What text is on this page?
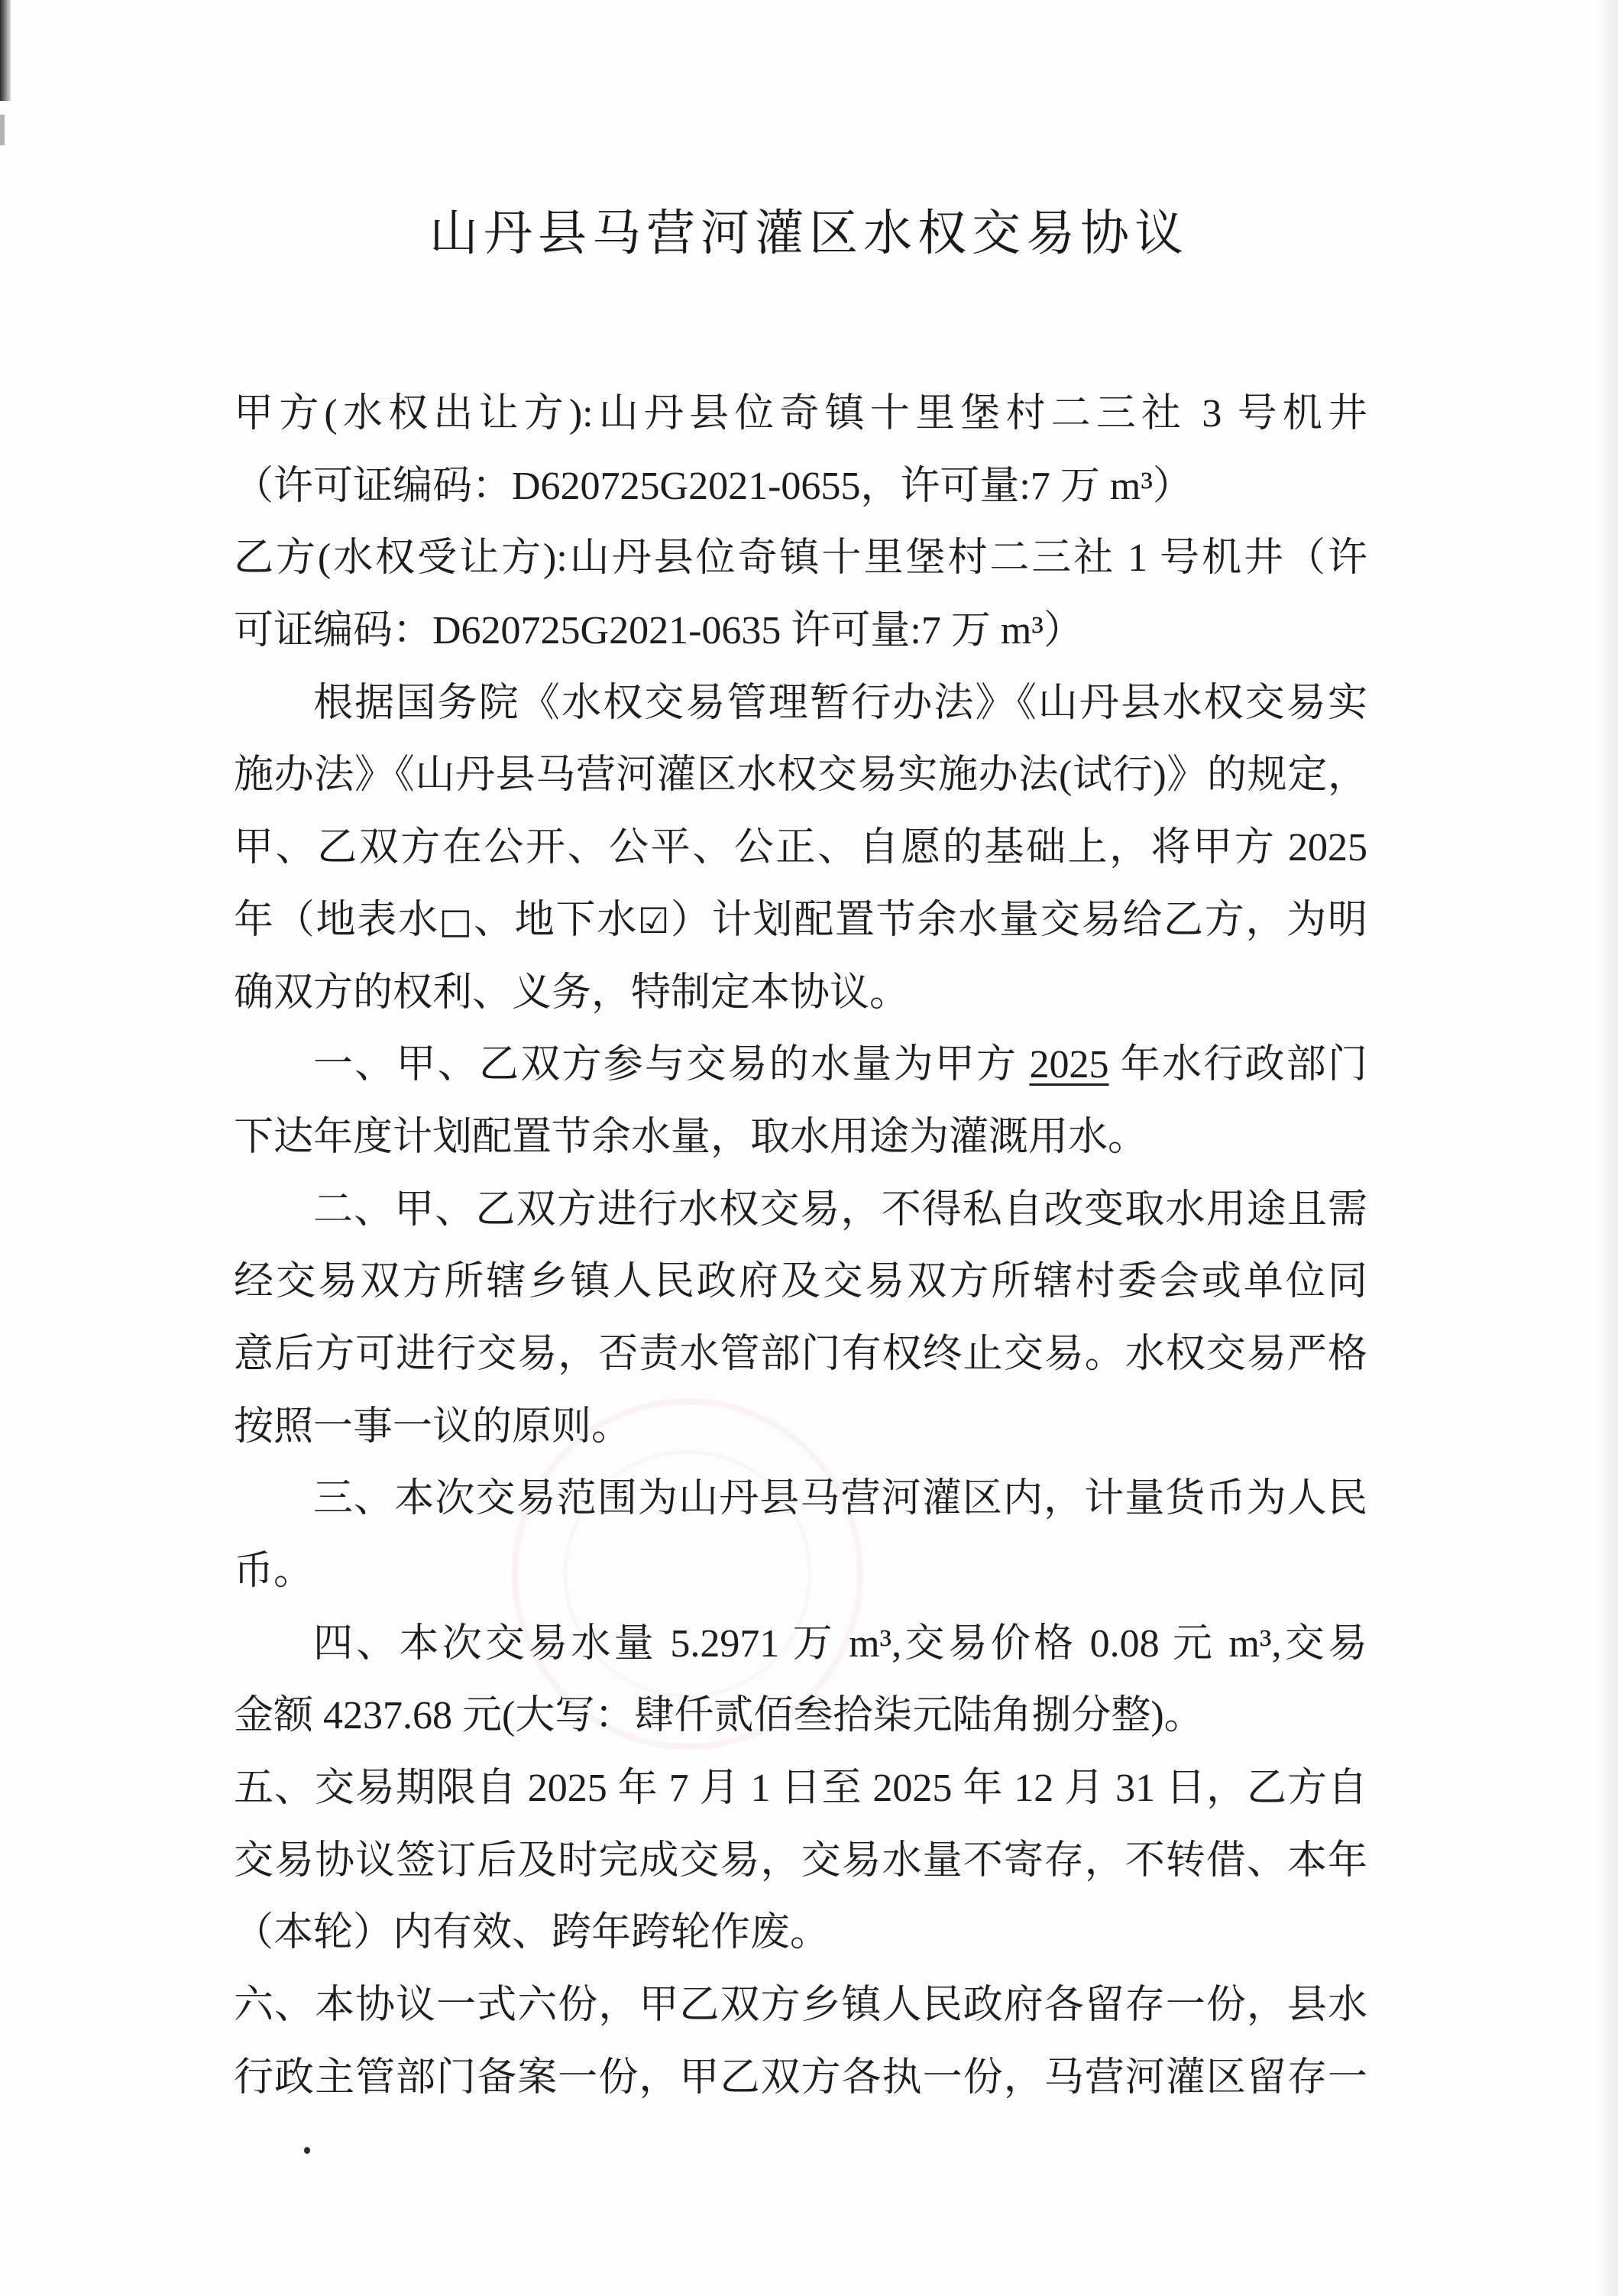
山丹县马营河灌区水权交易协议
甲方(水权出让方):山丹县位奇镇十里堡村二三社 3 号机井
（许可证编码：D620725G2021-0655，许可量:7 万 m³）
乙方(水权受让方):山丹县位奇镇十里堡村二三社 1 号机井（许
可证编码：D620725G2021-0635 许可量:7 万 m³）
根据国务院《水权交易管理暂行办法》《山丹县水权交易实
施办法》《山丹县马营河灌区水权交易实施办法(试行)》的规定，
甲、乙双方在公开、公平、公正、自愿的基础上，将甲方 2025
年（地表水□、地下水☑）计划配置节余水量交易给乙方，为明
确双方的权利、义务，特制定本协议。
一、甲、乙双方参与交易的水量为甲方 2025 年水行政部门
下达年度计划配置节余水量，取水用途为灌溉用水。
二、甲、乙双方进行水权交易，不得私自改变取水用途且需
经交易双方所辖乡镇人民政府及交易双方所辖村委会或单位同
意后方可进行交易，否责水管部门有权终止交易。水权交易严格
按照一事一议的原则。
三、本次交易范围为山丹县马营河灌区内，计量货币为人民
币。
四、本次交易水量 5.2971 万 m³,交易价格 0.08 元 m³,交易
金额 4237.68 元(大写：肆仟贰佰叁拾柒元陆角捌分整)。
五、交易期限自 2025 年 7 月 1 日至 2025 年 12 月 31 日，乙方自
交易协议签订后及时完成交易，交易水量不寄存，不转借、本年
（本轮）内有效、跨年跨轮作废。
六、本协议一式六份，甲乙双方乡镇人民政府各留存一份，县水
行政主管部门备案一份，甲乙双方各执一份，马营河灌区留存一
